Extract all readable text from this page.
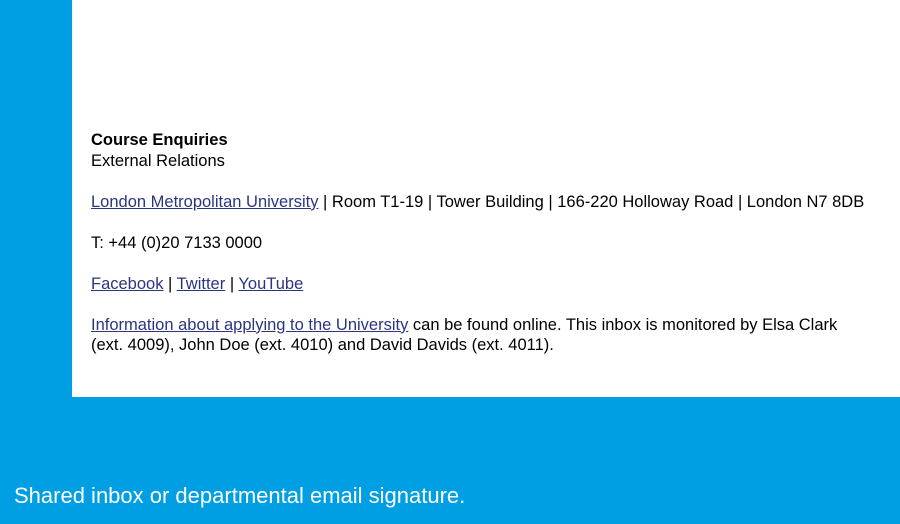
Course Enquiries
External Relations

London Metropolitan University | Room T1-19 | Tower Building | 166-220 Holloway Road | London N7 8DB

T: +44 (0)20 7133 0000

Facebook | Twitter | YouTube

Information about applying to the University can be found online. This inbox is monitored by Elsa Clark (ext. 4009), John Doe (ext. 4010) and David Davids (ext. 4011).

Shared inbox or departmental email signature.
